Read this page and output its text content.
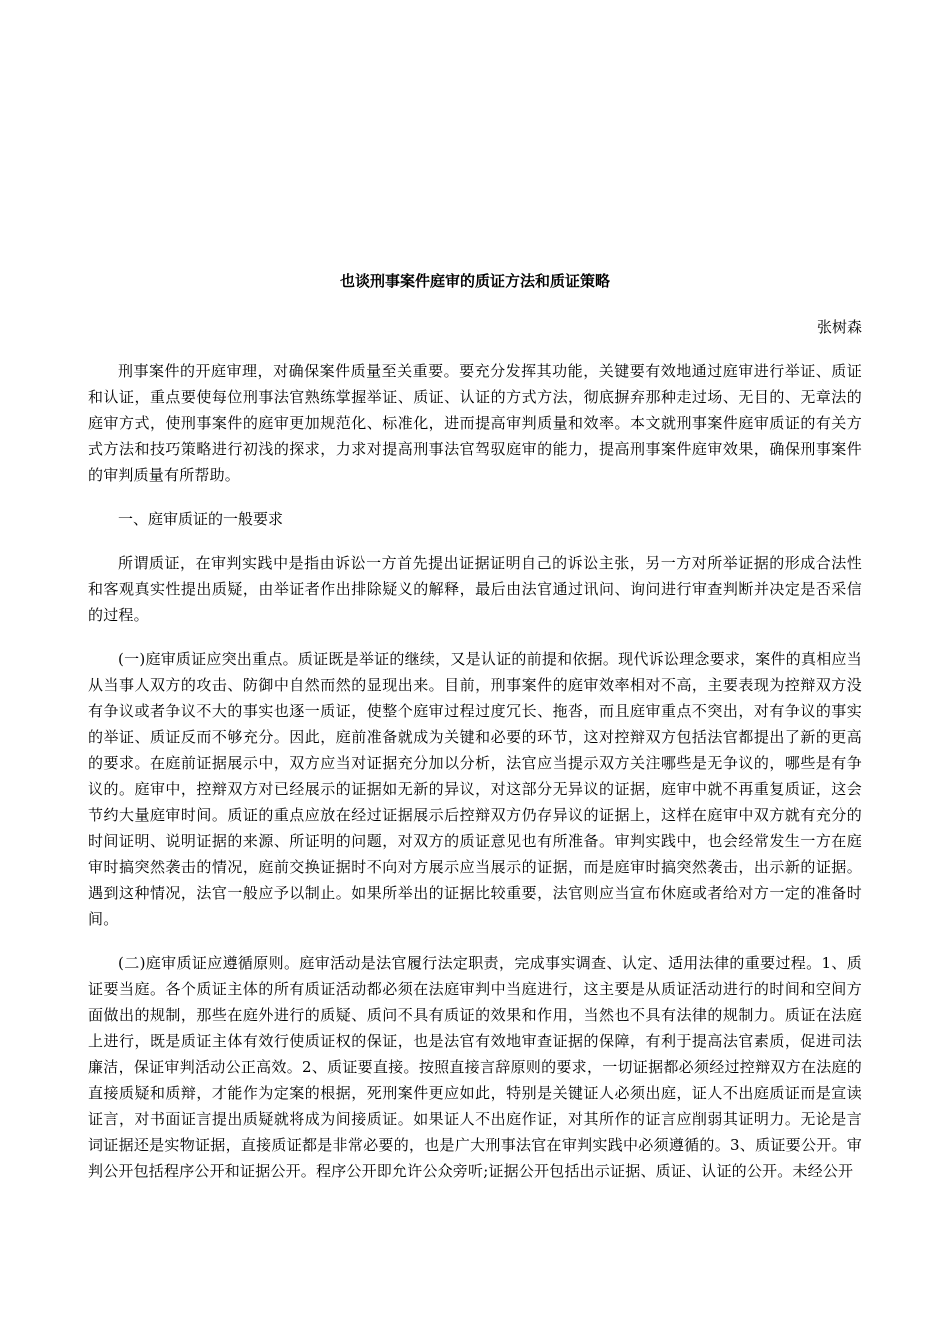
也谈刑事案件庭审的质证方法和质证策略
张树森

刑事案件的开庭审理，对确保案件质量至关重要。要充分发挥其功能，关键要有效地通过庭审进行举证、质证和认证，重点要使每位刑事法官熟练掌握举证、质证、认证的方式方法，彻底摒弃那种走过场、无目的、无章法的庭审方式，使刑事案件的庭审更加规范化、标准化，进而提高审判质量和效率。本文就刑事案件庭审质证的有关方式方法和技巧策略进行初浅的探求，力求对提高刑事法官驾驭庭审的能力，提高刑事案件庭审效果，确保刑事案件的审判质量有所帮助。

一、庭审质证的一般要求

所谓质证，在审判实践中是指由诉讼一方首先提出证据证明自己的诉讼主张，另一方对所举证据的形成合法性和客观真实性提出质疑，由举证者作出排除疑义的解释，最后由法官通过讯问、询问进行审查判断并决定是否采信的过程。

(一)庭审质证应突出重点。质证既是举证的继续，又是认证的前提和依据。现代诉讼理念要求，案件的真相应当从当事人双方的攻击、防御中自然而然的显现出来。目前，刑事案件的庭审效率相对不高，主要表现为控辩双方没有争议或者争议不大的事实也逐一质证，使整个庭审过程过度冗长、拖沓，而且庭审重点不突出，对有争议的事实的举证、质证反而不够充分。因此，庭前准备就成为关键和必要的环节，这对控辩双方包括法官都提出了新的更高的要求。在庭前证据展示中，双方应当对证据充分加以分析，法官应当提示双方关注哪些是无争议的，哪些是有争议的。庭审中，控辩双方对已经展示的证据如无新的异议，对这部分无异议的证据，庭审中就不再重复质证，这会节约大量庭审时间。质证的重点应放在经过证据展示后控辩双方仍存异议的证据上，这样在庭审中双方就有充分的时间证明、说明证据的来源、所证明的问题，对双方的质证意见也有所准备。审判实践中，也会经常发生一方在庭审时搞突然袭击的情况，庭前交换证据时不向对方展示应当展示的证据，而是庭审时搞突然袭击，出示新的证据。遇到这种情况，法官一般应予以制止。如果所举出的证据比较重要，法官则应当宣布休庭或者给对方一定的准备时间。

(二)庭审质证应遵循原则。庭审活动是法官履行法定职责，完成事实调查、认定、适用法律的重要过程。1、质证要当庭。各个质证主体的所有质证活动都必须在法庭审判中当庭进行，这主要是从质证活动进行的时间和空间方面做出的规制，那些在庭外进行的质疑、质问不具有质证的效果和作用，当然也不具有法律的规制力。质证在法庭上进行，既是质证主体有效行使质证权的保证，也是法官有效地审查证据的保障，有利于提高法官素质，促进司法廉洁，保证审判活动公正高效。2、质证要直接。按照直接言辞原则的要求，一切证据都必须经过控辩双方在法庭的直接质疑和质辩，才能作为定案的根据，死刑案件更应如此，特别是关键证人必须出庭，证人不出庭质证而是宣读证言，对书面证言提出质疑就将成为间接质证。如果证人不出庭作证，对其所作的证言应削弱其证明力。无论是言词证据还是实物证据，直接质证都是非常必要的，也是广大刑事法官在审判实践中必须遵循的。3、质证要公开。审判公开包括程序公开和证据公开。程序公开即允许公众旁听;证据公开包括出示证据、质证、认证的公开。未经公开
